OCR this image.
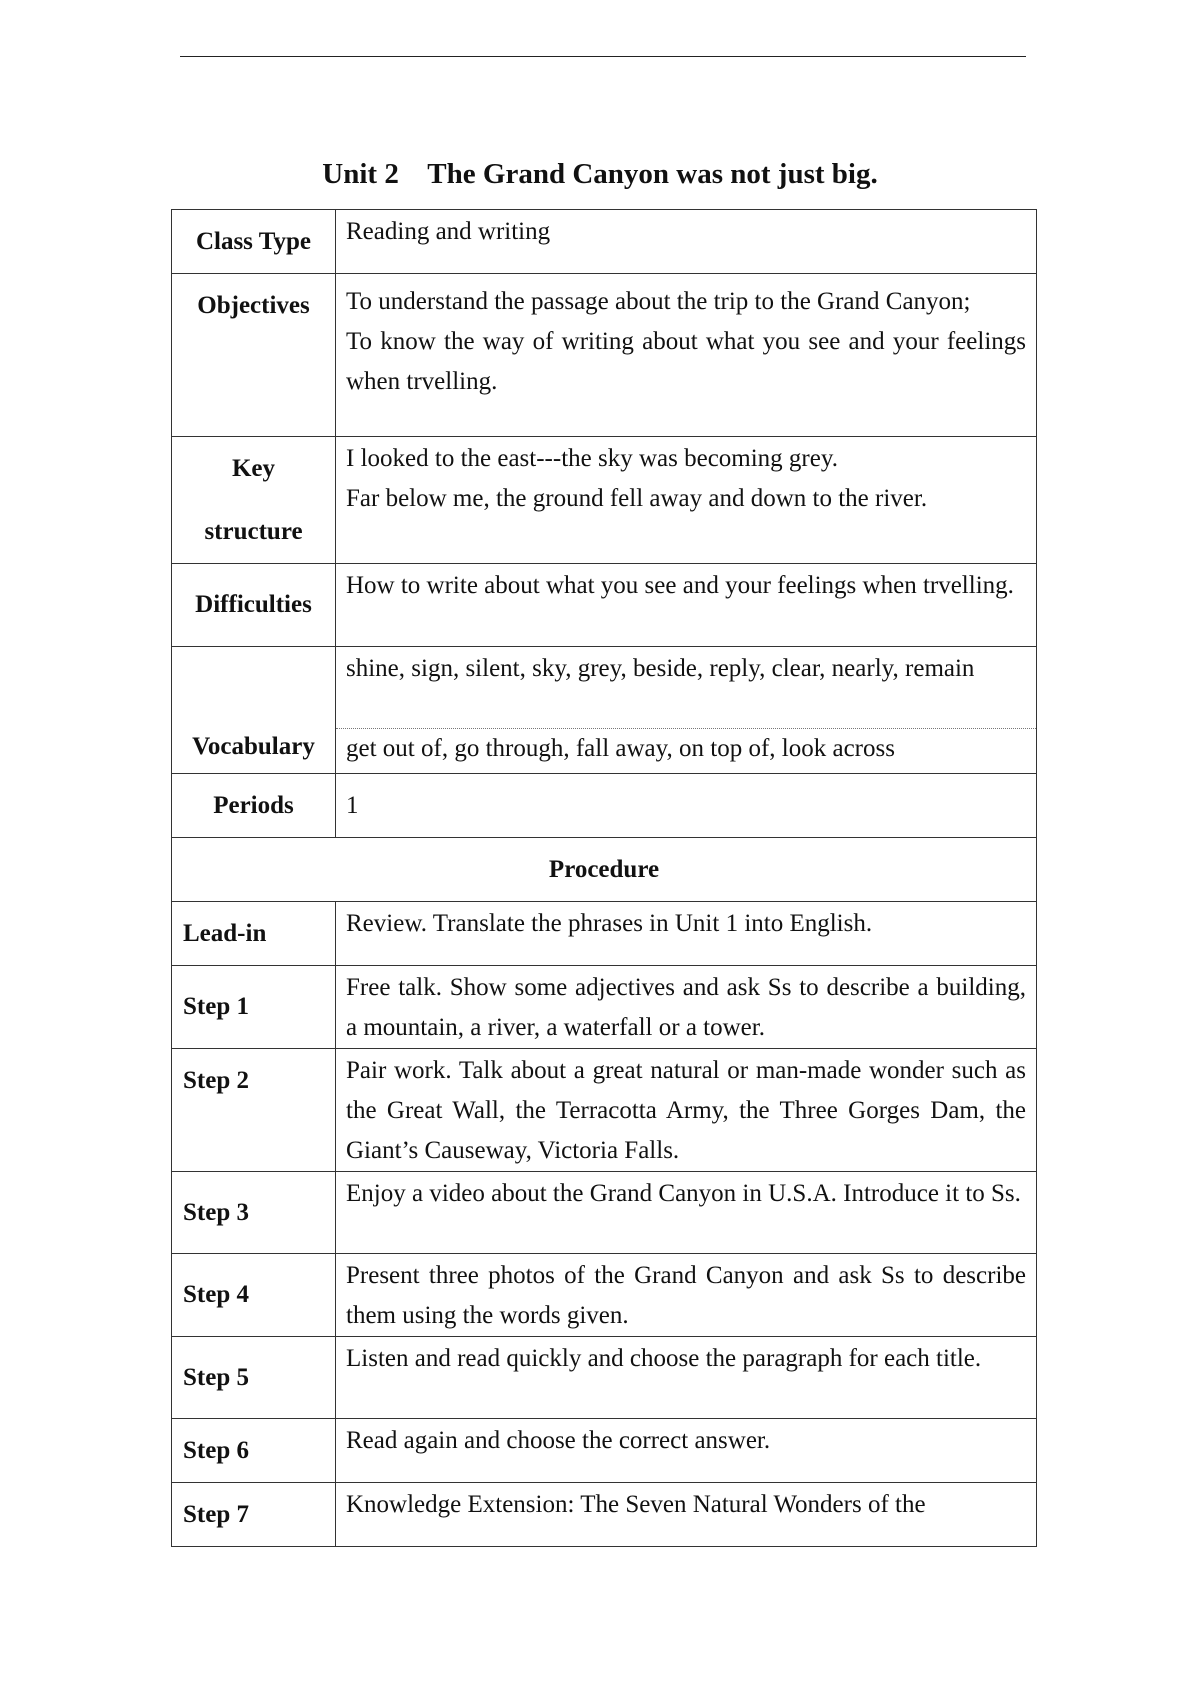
Unit 2    The Grand Canyon was not just big.
Class Type	Reading and writing
Objectives	To understand the passage about the trip to the Grand Canyon;
To know the way of writing about what you see and your feelings when trvelling.

Key
structure	I looked to the east---the sky was becoming grey.
Far below me, the ground fell away and down to the river.

Difficulties	How to write about what you see and your feelings when trvelling.
Vocabulary	shine, sign, silent, sky, grey, beside, reply, clear, nearly, remain
	get out of, go through, fall away, on top of, look across
Periods	1
Procedure	
Lead-in	Review. Translate the phrases in Unit 1 into English.
Step 1	Free talk. Show some adjectives and ask Ss to describe a building, a mountain, a river, a waterfall or a tower.
Step 2	Pair work. Talk about a great natural or man-made wonder such as the Great Wall, the Terracotta Army, the Three Gorges Dam, the Giant’s Causeway, Victoria Falls.
Step 3	Enjoy a video about the Grand Canyon in U.S.A. Introduce it to Ss.
Step 4	Present three photos of the Grand Canyon and ask Ss to describe them using the words given.
Step 5	Listen and read quickly and choose the paragraph for each title.
Step 6	Read again and choose the correct answer.
Step 7	Knowledge Extension: The Seven Natural Wonders of the
